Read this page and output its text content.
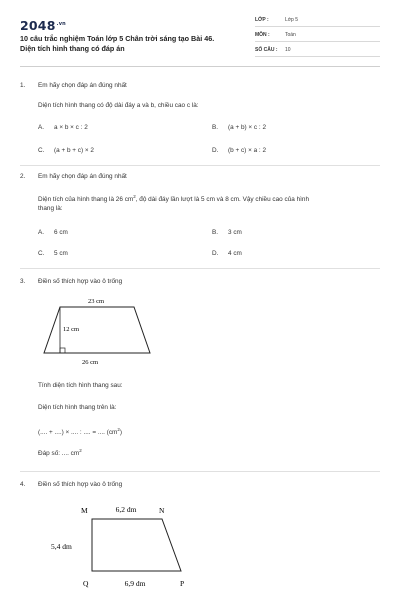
$2048^{.vn}$
10 câu trắc nghiệm Toán lớp 5 Chân trời sáng tạo Bài 46.
Diện tích hình thang có đáp án
LỚP :	Lớp 5
MÔN :	Toán
SỐ CÂU : 10
1. Em hãy chọn đáp án đúng nhất
Diện tích hình thang có độ dài đáy a và b, chiều cao c là:
A. a × b × c : 2	B. (a + b) × c : 2
C. (a + b + c) × 2	D. (b + c) × a : 2
2. Em hãy chọn đáp án đúng nhất
Diện tích của hình thang là 26 $cm^2$, độ dài đáy lần lượt là 5 cm và 8 cm. Vậy chiều cao của hình
thang là:
A. 6 cm	B. 3 cm
C. 5 cm	D. 4 cm
3. Điền số thích hợp vào ô trống
23 cm
12 cm
26 cm
Tính diện tích hình thang sau:
Diện tích hình thang trên là:
(.... + ....) × .... : .... = .... $(cm^2)$
Đáp số: .... $cm^2$
4. Điền số thích hợp vào ô trống
M	N
Q	P
6,2 dm
5,4 dm
6,9 dm
